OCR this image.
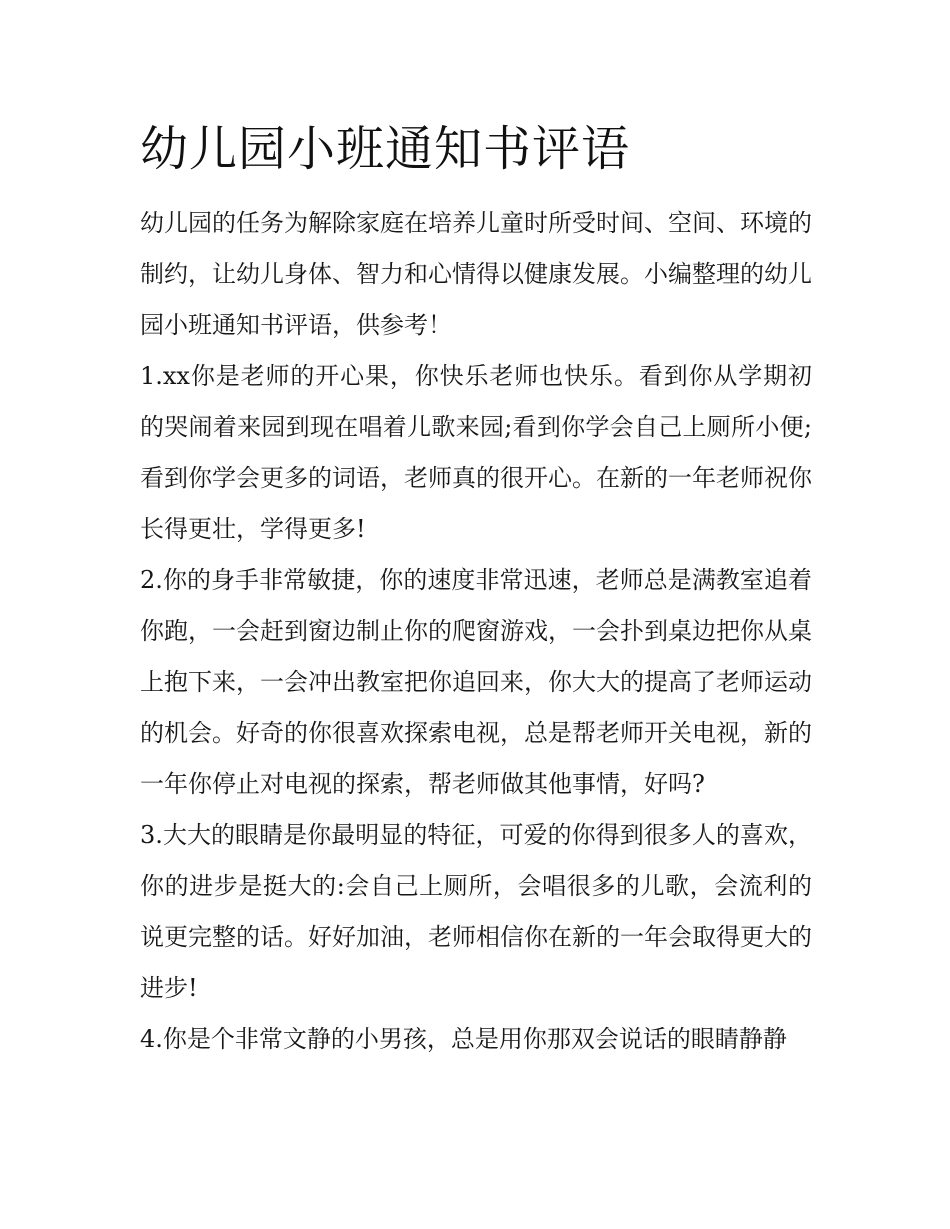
幼儿园小班通知书评语

幼儿园的任务为解除家庭在培养儿童时所受时间、空间、环境的制约，让幼儿身体、智力和心情得以健康发展。小编整理的幼儿园小班通知书评语，供参考！

1.xx你是老师的开心果，你快乐老师也快乐。看到你从学期初的哭闹着来园到现在唱着儿歌来园;看到你学会自己上厕所小便;看到你学会更多的词语，老师真的很开心。在新的一年老师祝你长得更壮，学得更多!

2.你的身手非常敏捷，你的速度非常迅速，老师总是满教室追着你跑，一会赶到窗边制止你的爬窗游戏，一会扑到桌边把你从桌上抱下来，一会冲出教室把你追回来，你大大的提高了老师运动的机会。好奇的你很喜欢探索电视，总是帮老师开关电视，新的一年你停止对电视的探索，帮老师做其他事情，好吗?

3.大大的眼睛是你最明显的特征，可爱的你得到很多人的喜欢，你的进步是挺大的:会自己上厕所，会唱很多的儿歌，会流利的说更完整的话。好好加油，老师相信你在新的一年会取得更大的进步!

4.你是个非常文静的小男孩，总是用你那双会说话的眼睛静静
